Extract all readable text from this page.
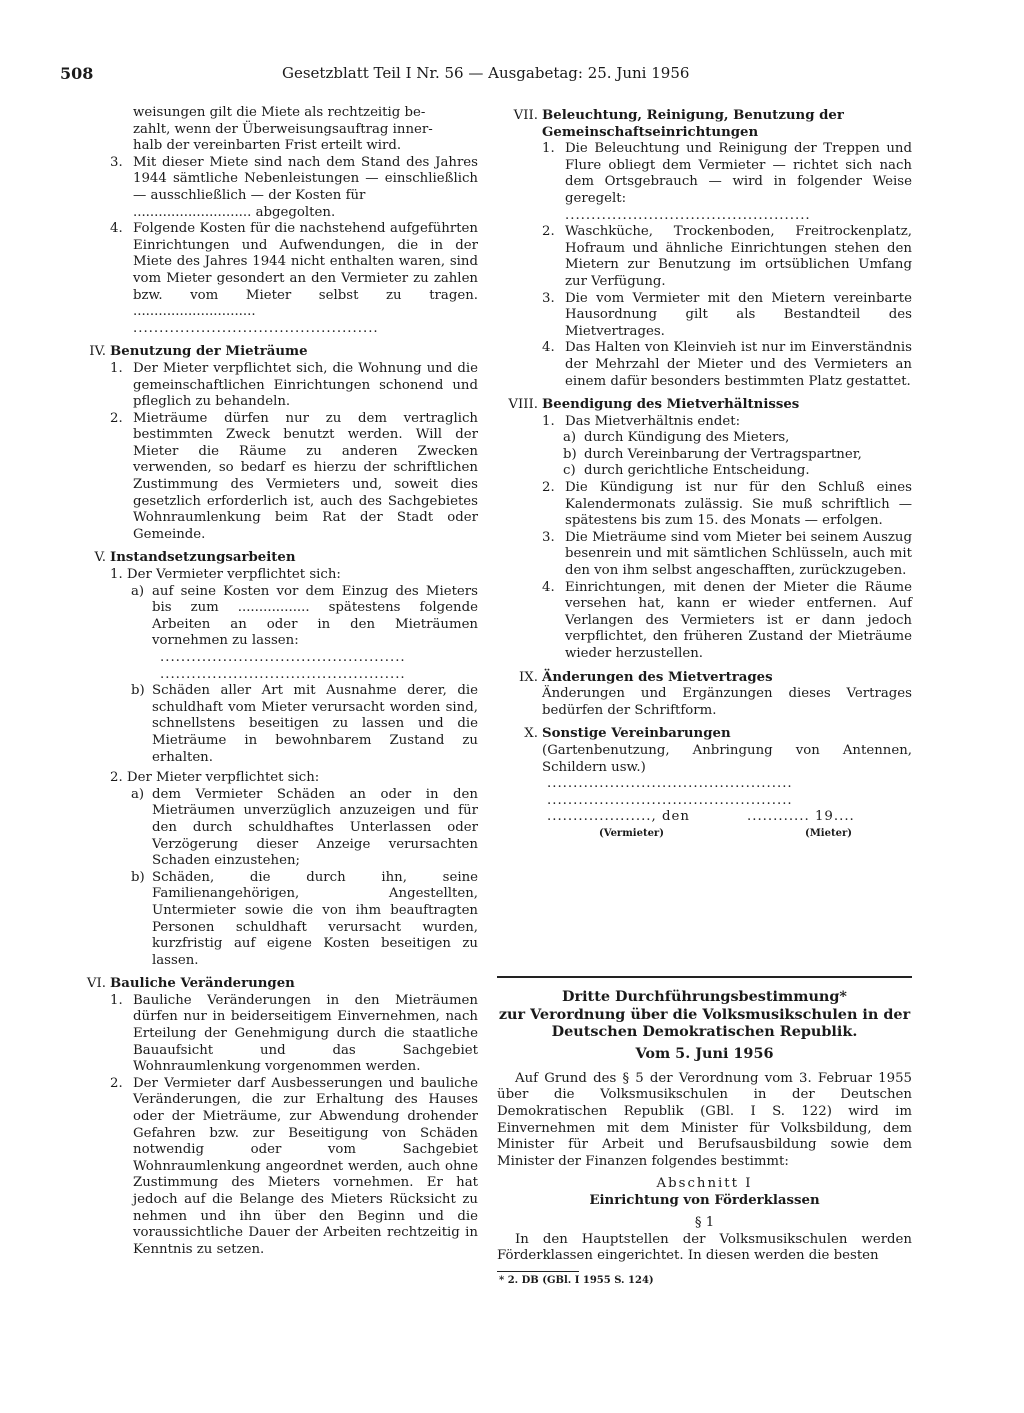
508	Gesetzblatt Teil I Nr. 56 — Ausgabetag: 25. Juni 1956
weisungen gilt die Miete als rechtzeitig be-
zahlt, wenn der Überweisungsauftrag inner-
halb der vereinbarten Frist erteilt wird.
3. Mit dieser Miete sind nach dem Stand des Jahres 1944 sämtliche Nebenleistungen — einschließlich — ausschließlich — der Kosten für
............................ abgegolten.
4. Folgende Kosten für die nachstehend aufgeführten Einrichtungen und Aufwendungen, die in der Miete des Jahres 1944 nicht enthalten waren, sind vom Mieter gesondert an den Vermieter zu zahlen bzw. vom Mieter selbst zu tragen. .............................
...............................................
IV. Benutzung der Mieträume
1. Der Mieter verpflichtet sich, die Wohnung und die gemeinschaftlichen Einrichtungen schonend und pfleglich zu behandeln.
2. Mieträume dürfen nur zu dem vertraglich bestimmten Zweck benutzt werden. Will der Mieter die Räume zu anderen Zwecken verwenden, so bedarf es hierzu der schriftlichen Zustimmung des Vermieters und, soweit dies gesetzlich erforderlich ist, auch des Sachgebietes Wohnraumlenkung beim Rat der Stadt oder Gemeinde.
V. Instandsetzungsarbeiten
1. Der Vermieter verpflichtet sich:
a) auf seine Kosten vor dem Einzug des Mieters bis zum ................. spätestens folgende Arbeiten an oder in den Mieträumen vornehmen zu lassen:
...............................................
...............................................
b) Schäden aller Art mit Ausnahme derer, die schuldhaft vom Mieter verursacht worden sind, schnellstens beseitigen zu lassen und die Mieträume in bewohnbarem Zustand zu erhalten.
2. Der Mieter verpflichtet sich:
a) dem Vermieter Schäden an oder in den Mieträumen unverzüglich anzuzeigen und für den durch schuldhaftes Unterlassen oder Verzögerung dieser Anzeige verursachten Schaden einzustehen;
b) Schäden, die durch ihn, seine Familienangehörigen, Angestellten, Untermieter sowie die von ihm beauftragten Personen schuldhaft verursacht wurden, kurzfristig auf eigene Kosten beseitigen zu lassen.
VI. Bauliche Veränderungen
1. Bauliche Veränderungen in den Mieträumen dürfen nur in beiderseitigem Einvernehmen, nach Erteilung der Genehmigung durch die staatliche Bauaufsicht und das Sachgebiet Wohnraumlenkung vorgenommen werden.
2. Der Vermieter darf Ausbesserungen und bauliche Veränderungen, die zur Erhaltung des Hauses oder der Mieträume, zur Abwendung drohender Gefahren bzw. zur Beseitigung von Schäden notwendig oder vom Sachgebiet Wohnraumlenkung angeordnet werden, auch ohne Zustimmung des Mieters vornehmen. Er hat jedoch auf die Belange des Mieters Rücksicht zu nehmen und ihn über den Beginn und die voraussichtliche Dauer der Arbeiten rechtzeitig in Kenntnis zu setzen.
VII. Beleuchtung, Reinigung, Benutzung der Gemeinschaftseinrichtungen
1. Die Beleuchtung und Reinigung der Treppen und Flure obliegt dem Vermieter — richtet sich nach dem Ortsgebrauch — wird in folgender Weise geregelt:
...............................................
2. Waschküche, Trockenboden, Freitrockenplatz, Hofraum und ähnliche Einrichtungen stehen den Mietern zur Benutzung im ortsüblichen Umfang zur Verfügung.
3. Die vom Vermieter mit den Mietern vereinbarte Hausordnung gilt als Bestandteil des Mietvertrages.
4. Das Halten von Kleinvieh ist nur im Einverständnis der Mehrzahl der Mieter und des Vermieters an einem dafür besonders bestimmten Platz gestattet.
VIII. Beendigung des Mietverhältnisses
1. Das Mietverhältnis endet:
a) durch Kündigung des Mieters,
b) durch Vereinbarung der Vertragspartner,
c) durch gerichtliche Entscheidung.
2. Die Kündigung ist nur für den Schluß eines Kalendermonats zulässig. Sie muß schriftlich — spätestens bis zum 15. des Monats — erfolgen.
3. Die Mieträume sind vom Mieter bei seinem Auszug besenrein und mit sämtlichen Schlüsseln, auch mit den von ihm selbst angeschafften, zurückzugeben.
4. Einrichtungen, mit denen der Mieter die Räume versehen hat, kann er wieder entfernen. Auf Verlangen des Vermieters ist er dann jedoch verpflichtet, den früheren Zustand der Mieträume wieder herzustellen.
IX. Änderungen des Mietvertrages
Änderungen und Ergänzungen dieses Vertrages bedürfen der Schriftform.
X. Sonstige Vereinbarungen
(Gartenbenutzung, Anbringung von Antennen, Schildern usw.)
...............................................
...............................................
...................., den	............ 19....
(Vermieter)	(Mieter)
Dritte Durchführungsbestimmung*
zur Verordnung über die Volksmusikschulen in der
Deutschen Demokratischen Republik.
Vom 5. Juni 1956
Auf Grund des § 5 der Verordnung vom 3. Februar 1955 über die Volksmusikschulen in der Deutschen Demokratischen Republik (GBl. I S. 122) wird im Einvernehmen mit dem Minister für Volksbildung, dem Minister für Arbeit und Berufsausbildung sowie dem Minister der Finanzen folgendes bestimmt:
Abschnitt I
Einrichtung von Förderklassen
§ 1
In den Hauptstellen der Volksmusikschulen werden Förderklassen eingerichtet. In diesen werden die besten
* 2. DB (GBl. I 1955 S. 124)
